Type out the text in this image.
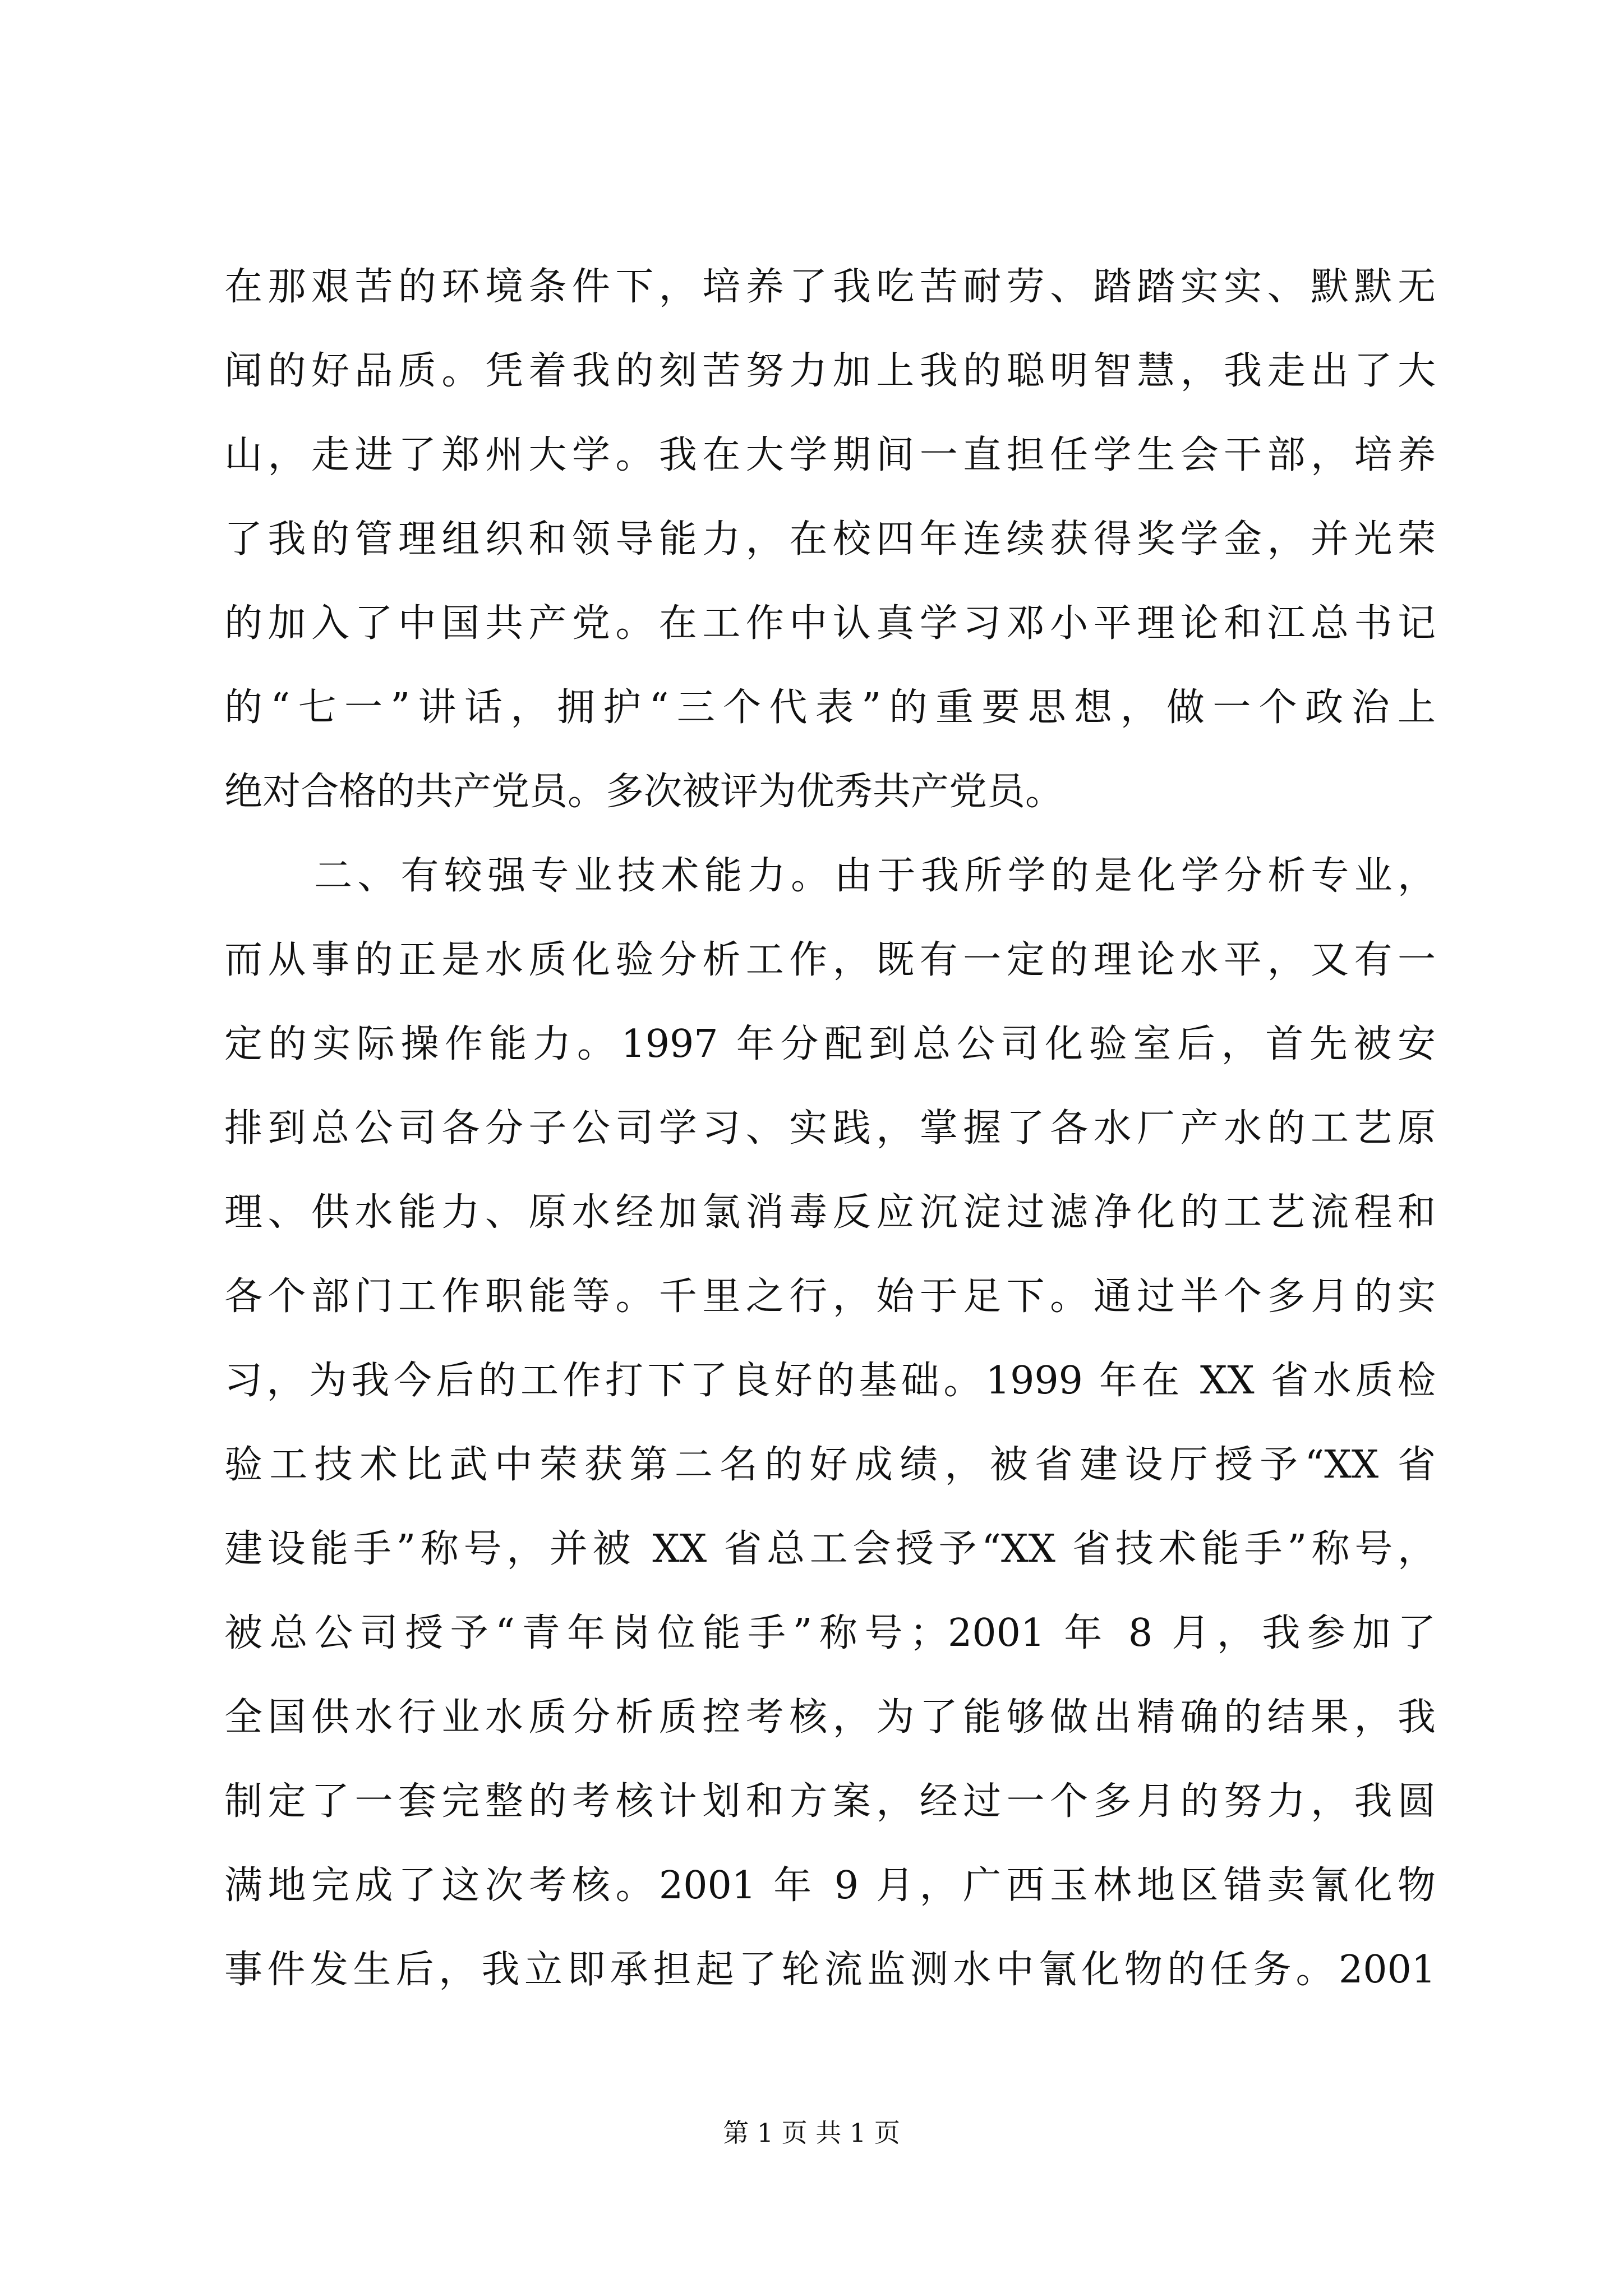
在那艰苦的环境条件下，培养了我吃苦耐劳、踏踏实实、默默无
闻的好品质。凭着我的刻苦努力加上我的聪明智慧，我走出了大
山，走进了郑州大学。我在大学期间一直担任学生会干部，培养
了我的管理组织和领导能力，在校四年连续获得奖学金，并光荣
的加入了中国共产党。在工作中认真学习邓小平理论和江总书记
的“七一”讲话，拥护“三个代表”的重要思想，做一个政治上
绝对合格的共产党员。多次被评为优秀共产党员。
二、有较强专业技术能力。由于我所学的是化学分析专业，
而从事的正是水质化验分析工作，既有一定的理论水平，又有一
定的实际操作能力。1997 年分配到总公司化验室后，首先被安
排到总公司各分子公司学习、实践，掌握了各水厂产水的工艺原
理、供水能力、原水经加氯消毒反应沉淀过滤净化的工艺流程和
各个部门工作职能等。千里之行，始于足下。通过半个多月的实
习，为我今后的工作打下了良好的基础。1999 年在 XX 省水质检
验工技术比武中荣获第二名的好成绩，被省建设厅授予“XX 省
建设能手”称号，并被 XX 省总工会授予“XX 省技术能手”称号，
被总公司授予“青年岗位能手”称号；2001 年 8 月，我参加了
全国供水行业水质分析质控考核，为了能够做出精确的结果，我
制定了一套完整的考核计划和方案，经过一个多月的努力，我圆
满地完成了这次考核。2001 年 9 月，广西玉林地区错卖氰化物
事件发生后，我立即承担起了轮流监测水中氰化物的任务。2001
第 1 页 共 1 页
